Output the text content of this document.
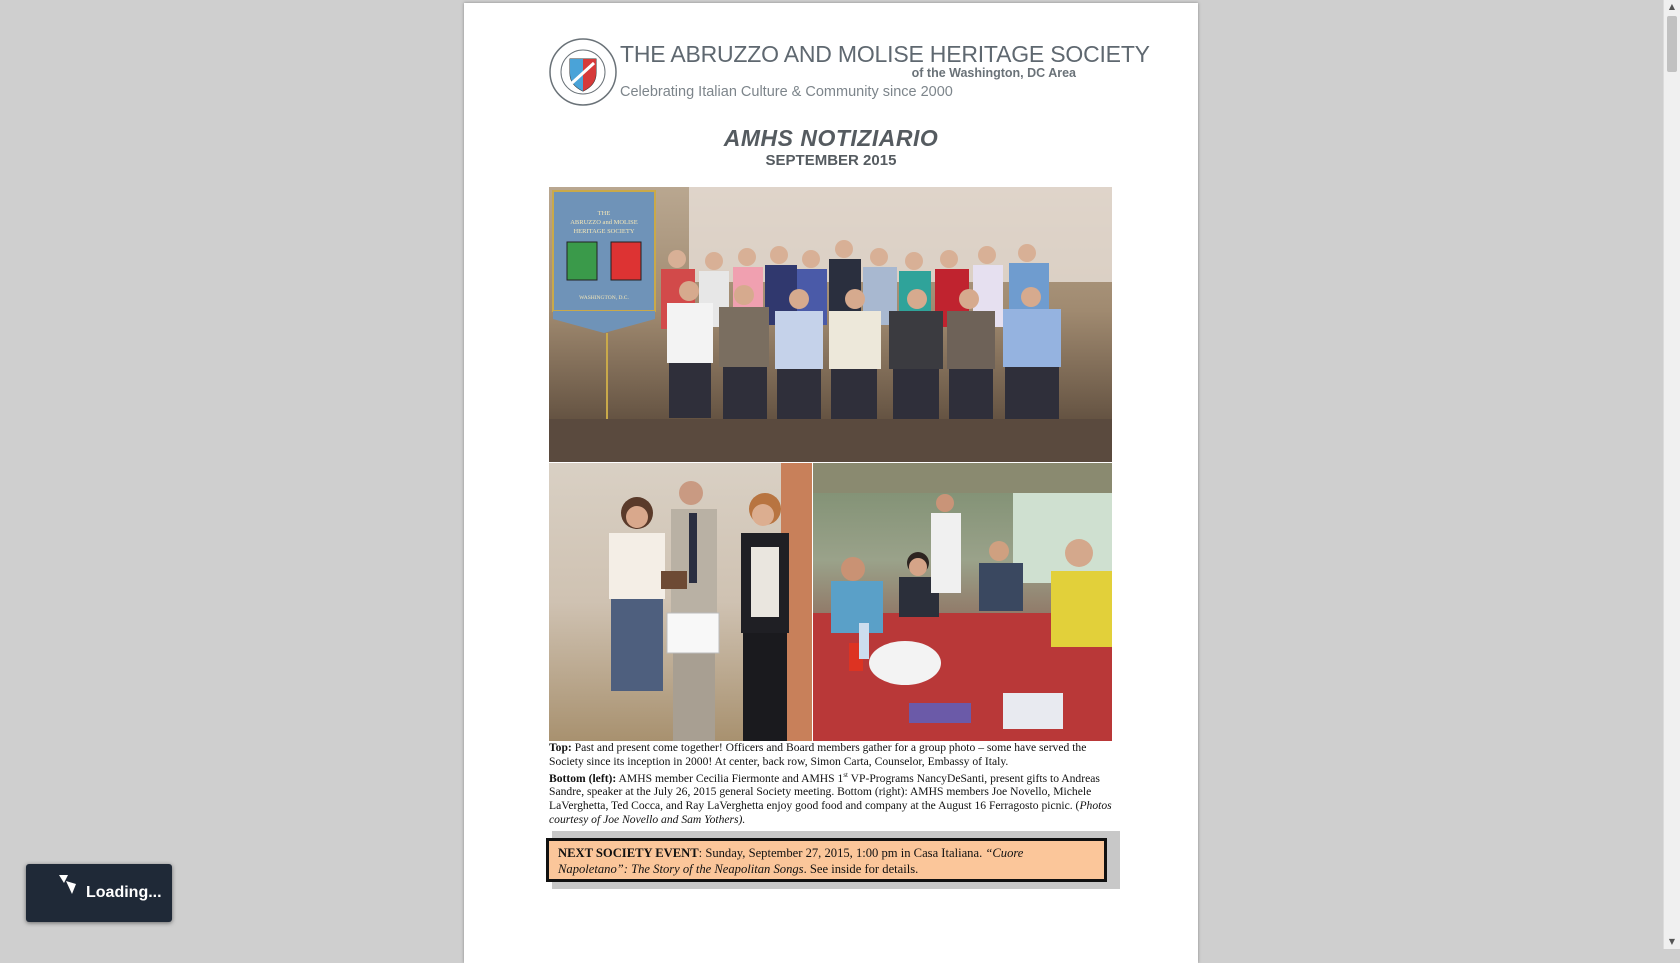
THE ABRUZZO AND MOLISE HERITAGE SOCIETY
of the Washington, DC Area
Celebrating Italian Culture & Community since 2000
AMHS NOTIZIARIO
SEPTEMBER 2015
THE
ABRUZZO and MOLISE
HERITAGE SOCIETY
WASHINGTON, D.C.
Top: Past and present come together! Officers and Board members gather for a group photo – some have served the Society since its inception in 2000! At center, back row, Simon Carta, Counselor, Embassy of Italy.
Bottom (left): AMHS member Cecilia Fiermonte and AMHS 1st VP-Programs NancyDeSanti, present gifts to Andreas Sandre, speaker at the July 26, 2015 general Society meeting. Bottom (right): AMHS members Joe Novello, Michele LaVerghetta, Ted Cocca, and Ray LaVerghetta enjoy good food and company at the August 16 Ferragosto picnic. (Photos courtesy of Joe Novello and Sam Yothers).
NEXT SOCIETY EVENT: Sunday, September 27, 2015, 1:00 pm in Casa Italiana. “Cuore Napoletano”: The Story of the Neapolitan Songs. See inside for details.
▲
▼
Loading...
